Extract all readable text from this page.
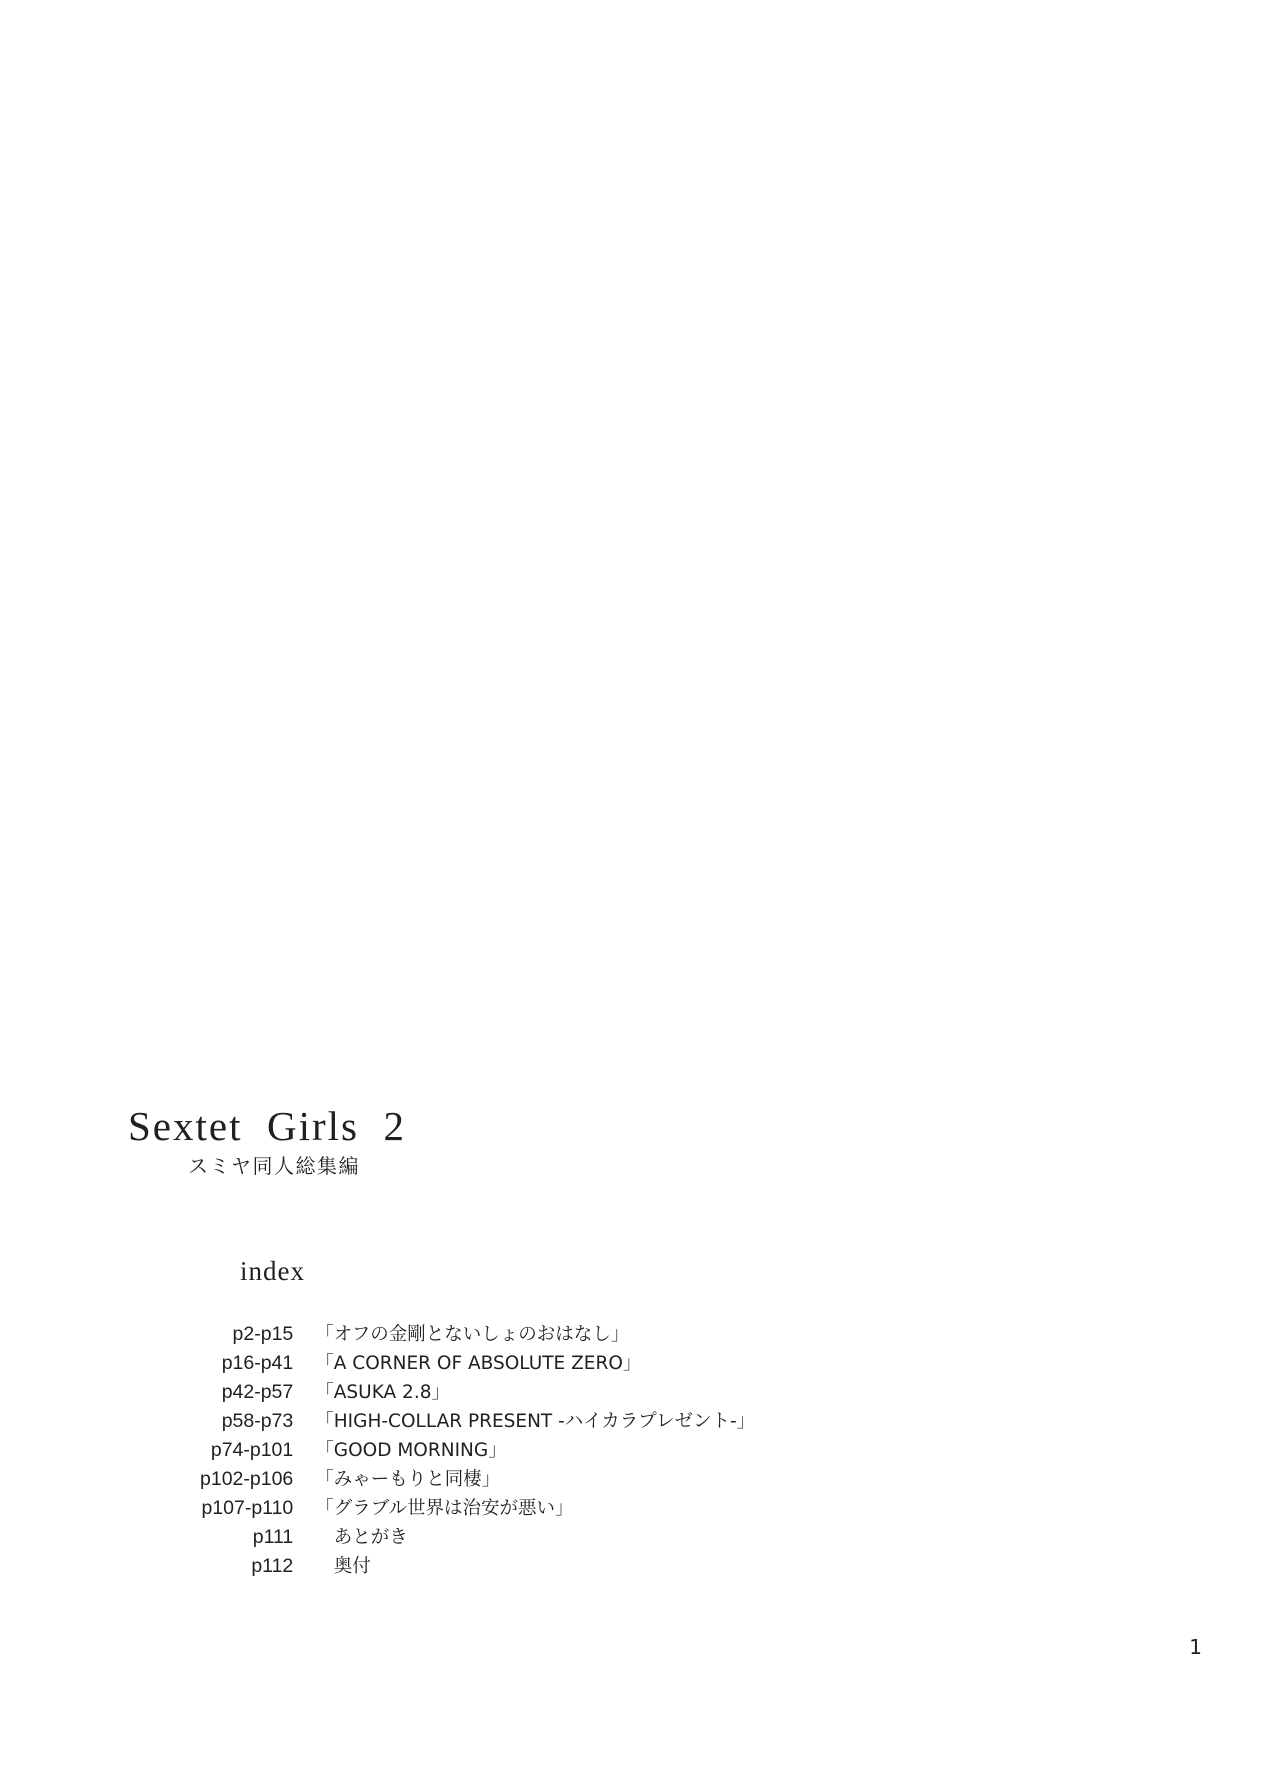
Sextet  Girls  2
スミヤ同人総集編
index
p2-p15	「オフの金剛とないしょのおはなし」
p16-p41	「A CORNER OF ABSOLUTE ZERO」
p42-p57	「ASUKA 2.8」
p58-p73	「HIGH-COLLAR PRESENT -ハイカラプレゼント-」
p74-p101	「GOOD MORNING」
p102-p106	「みゃーもりと同棲」
p107-p110	「グラブル世界は治安が悪い」
p111	　あとがき
p112	　奥付
1
